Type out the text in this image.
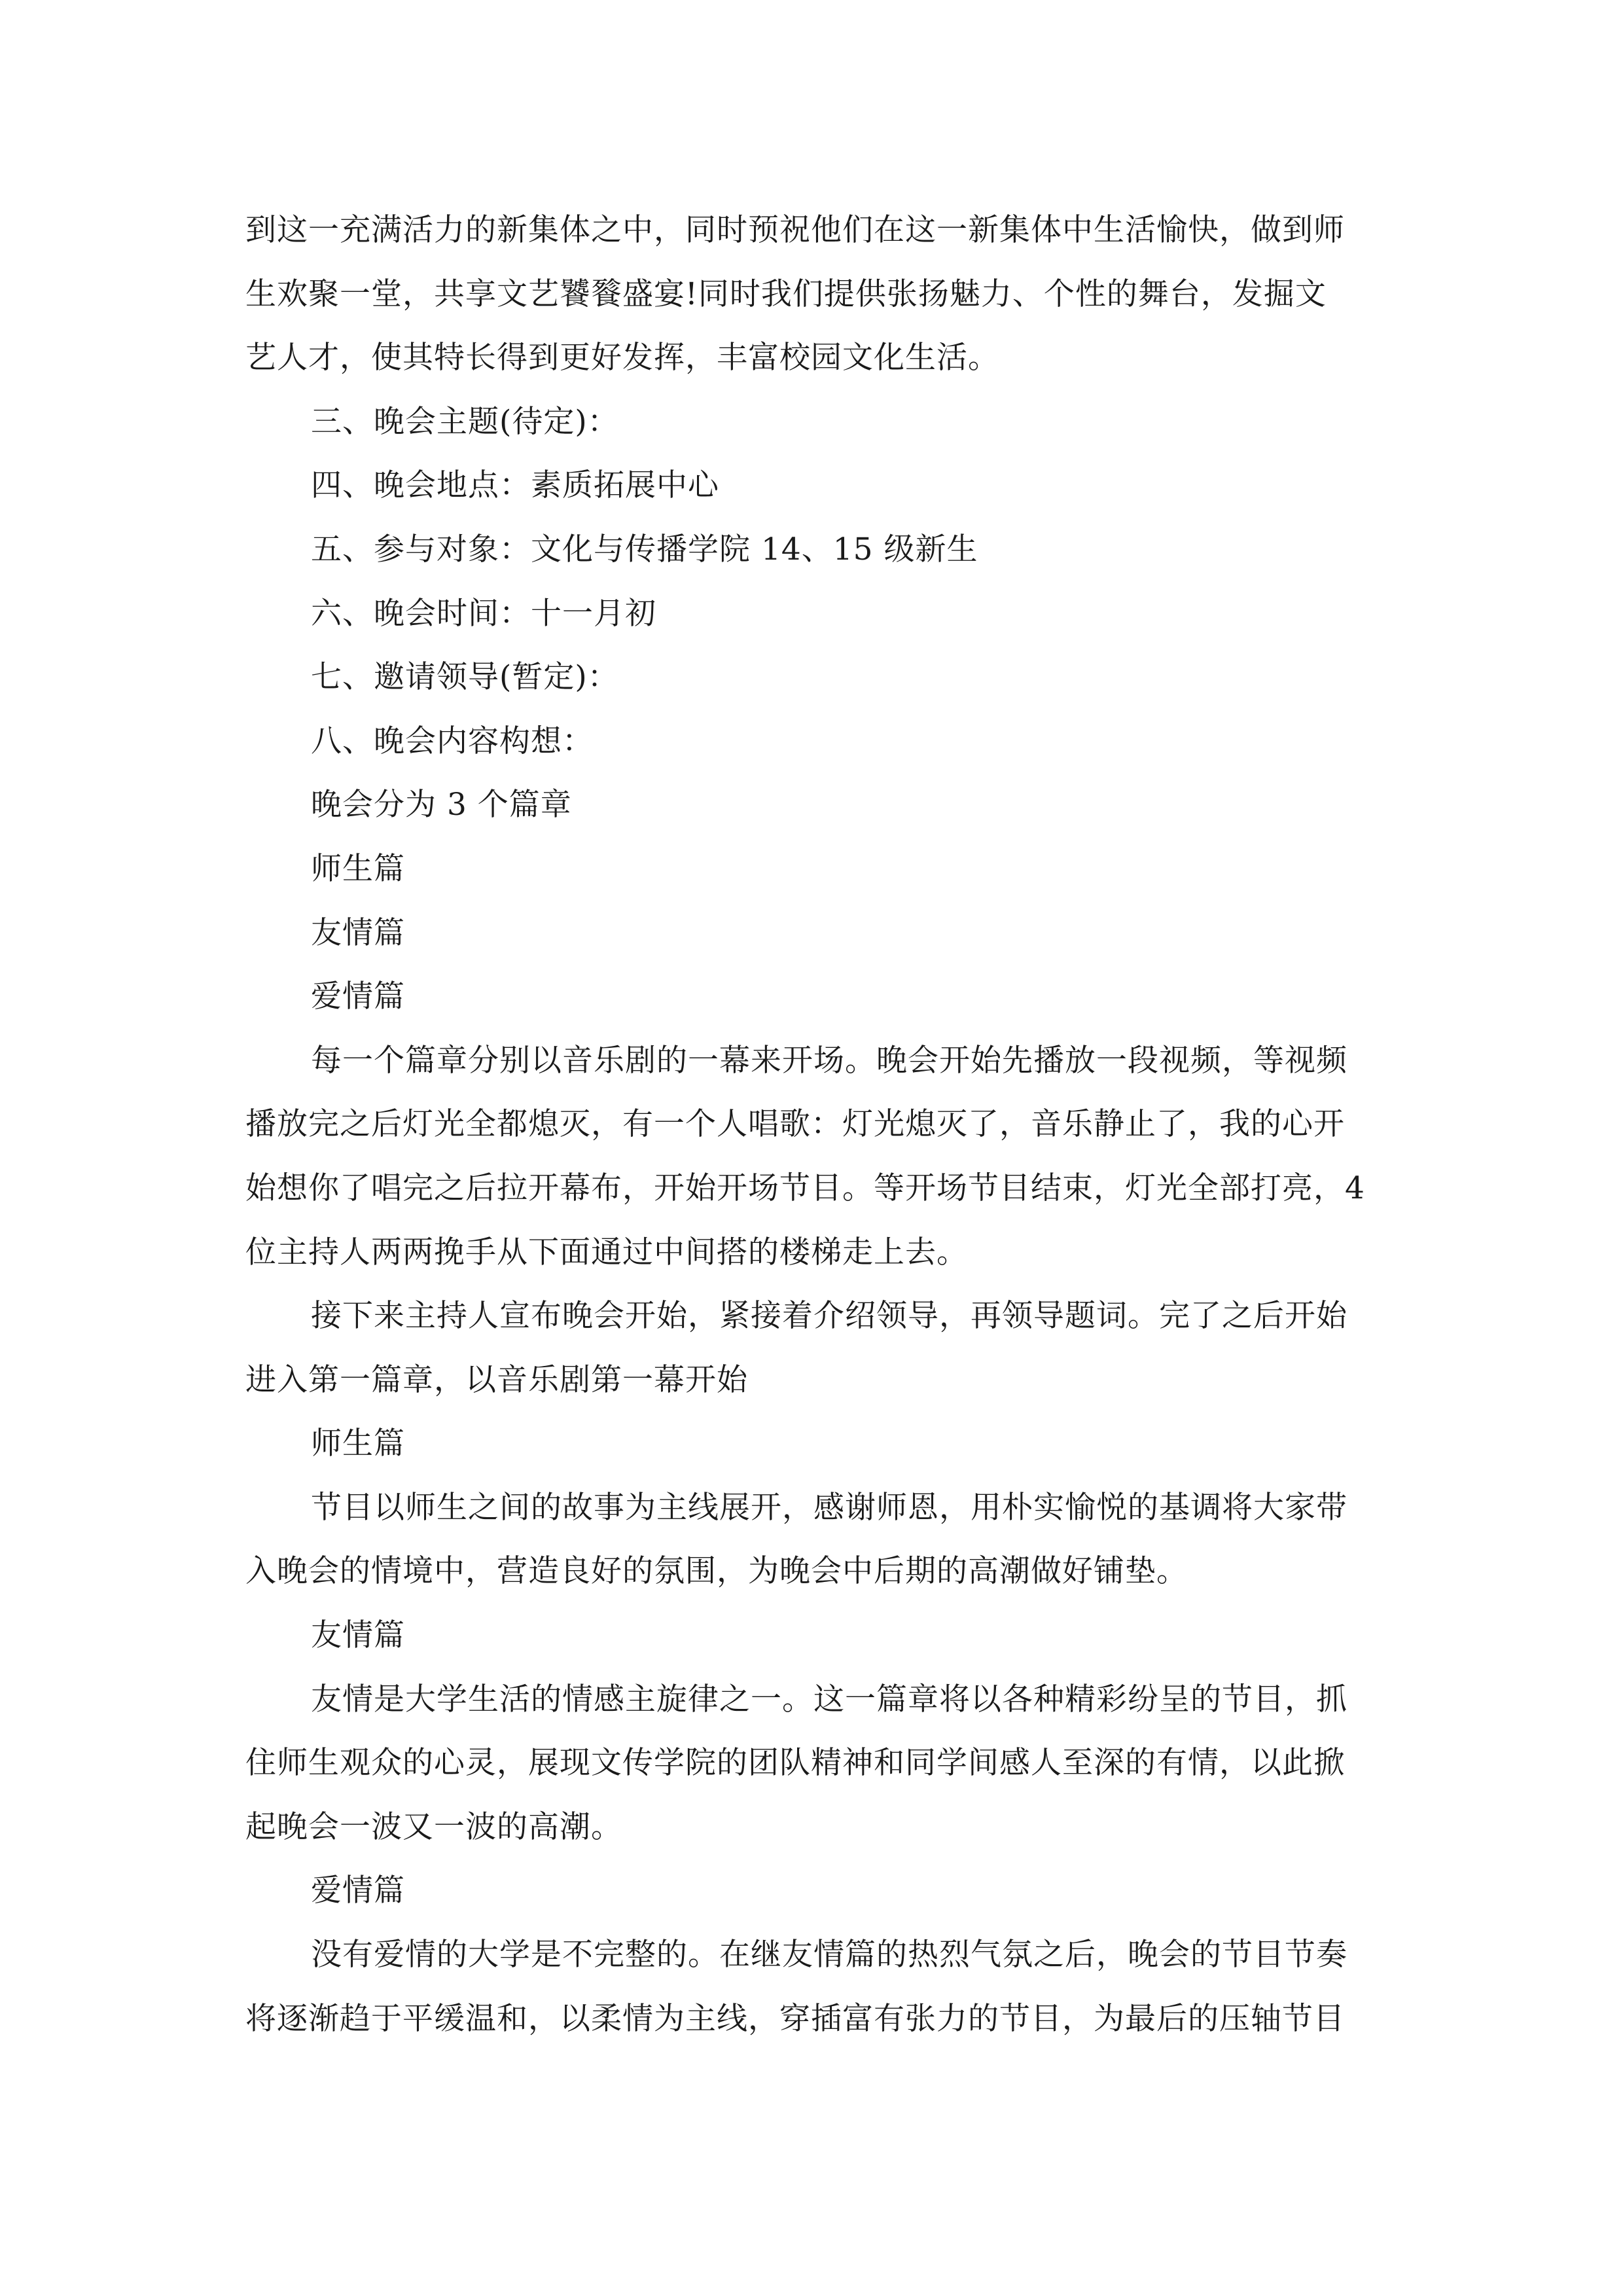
到这一充满活力的新集体之中，同时预祝他们在这一新集体中生活愉快，做到师
生欢聚一堂，共享文艺饕餮盛宴!同时我们提供张扬魅力、个性的舞台，发掘文
艺人才，使其特长得到更好发挥，丰富校园文化生活。
三、晚会主题(待定)：
四、晚会地点：素质拓展中心
五、参与对象：文化与传播学院 14、15 级新生
六、晚会时间：十一月初
七、邀请领导(暂定)：
八、晚会内容构想：
晚会分为 3 个篇章
师生篇
友情篇
爱情篇
每一个篇章分别以音乐剧的一幕来开场。晚会开始先播放一段视频，等视频
播放完之后灯光全都熄灭，有一个人唱歌：灯光熄灭了，音乐静止了，我的心开
始想你了唱完之后拉开幕布，开始开场节目。等开场节目结束，灯光全部打亮，4
位主持人两两挽手从下面通过中间搭的楼梯走上去。
接下来主持人宣布晚会开始，紧接着介绍领导，再领导题词。完了之后开始
进入第一篇章，以音乐剧第一幕开始
师生篇
节目以师生之间的故事为主线展开，感谢师恩，用朴实愉悦的基调将大家带
入晚会的情境中，营造良好的氛围，为晚会中后期的高潮做好铺垫。
友情篇
友情是大学生活的情感主旋律之一。这一篇章将以各种精彩纷呈的节目，抓
住师生观众的心灵，展现文传学院的团队精神和同学间感人至深的有情，以此掀
起晚会一波又一波的高潮。
爱情篇
没有爱情的大学是不完整的。在继友情篇的热烈气氛之后，晚会的节目节奏
将逐渐趋于平缓温和，以柔情为主线，穿插富有张力的节目，为最后的压轴节目
